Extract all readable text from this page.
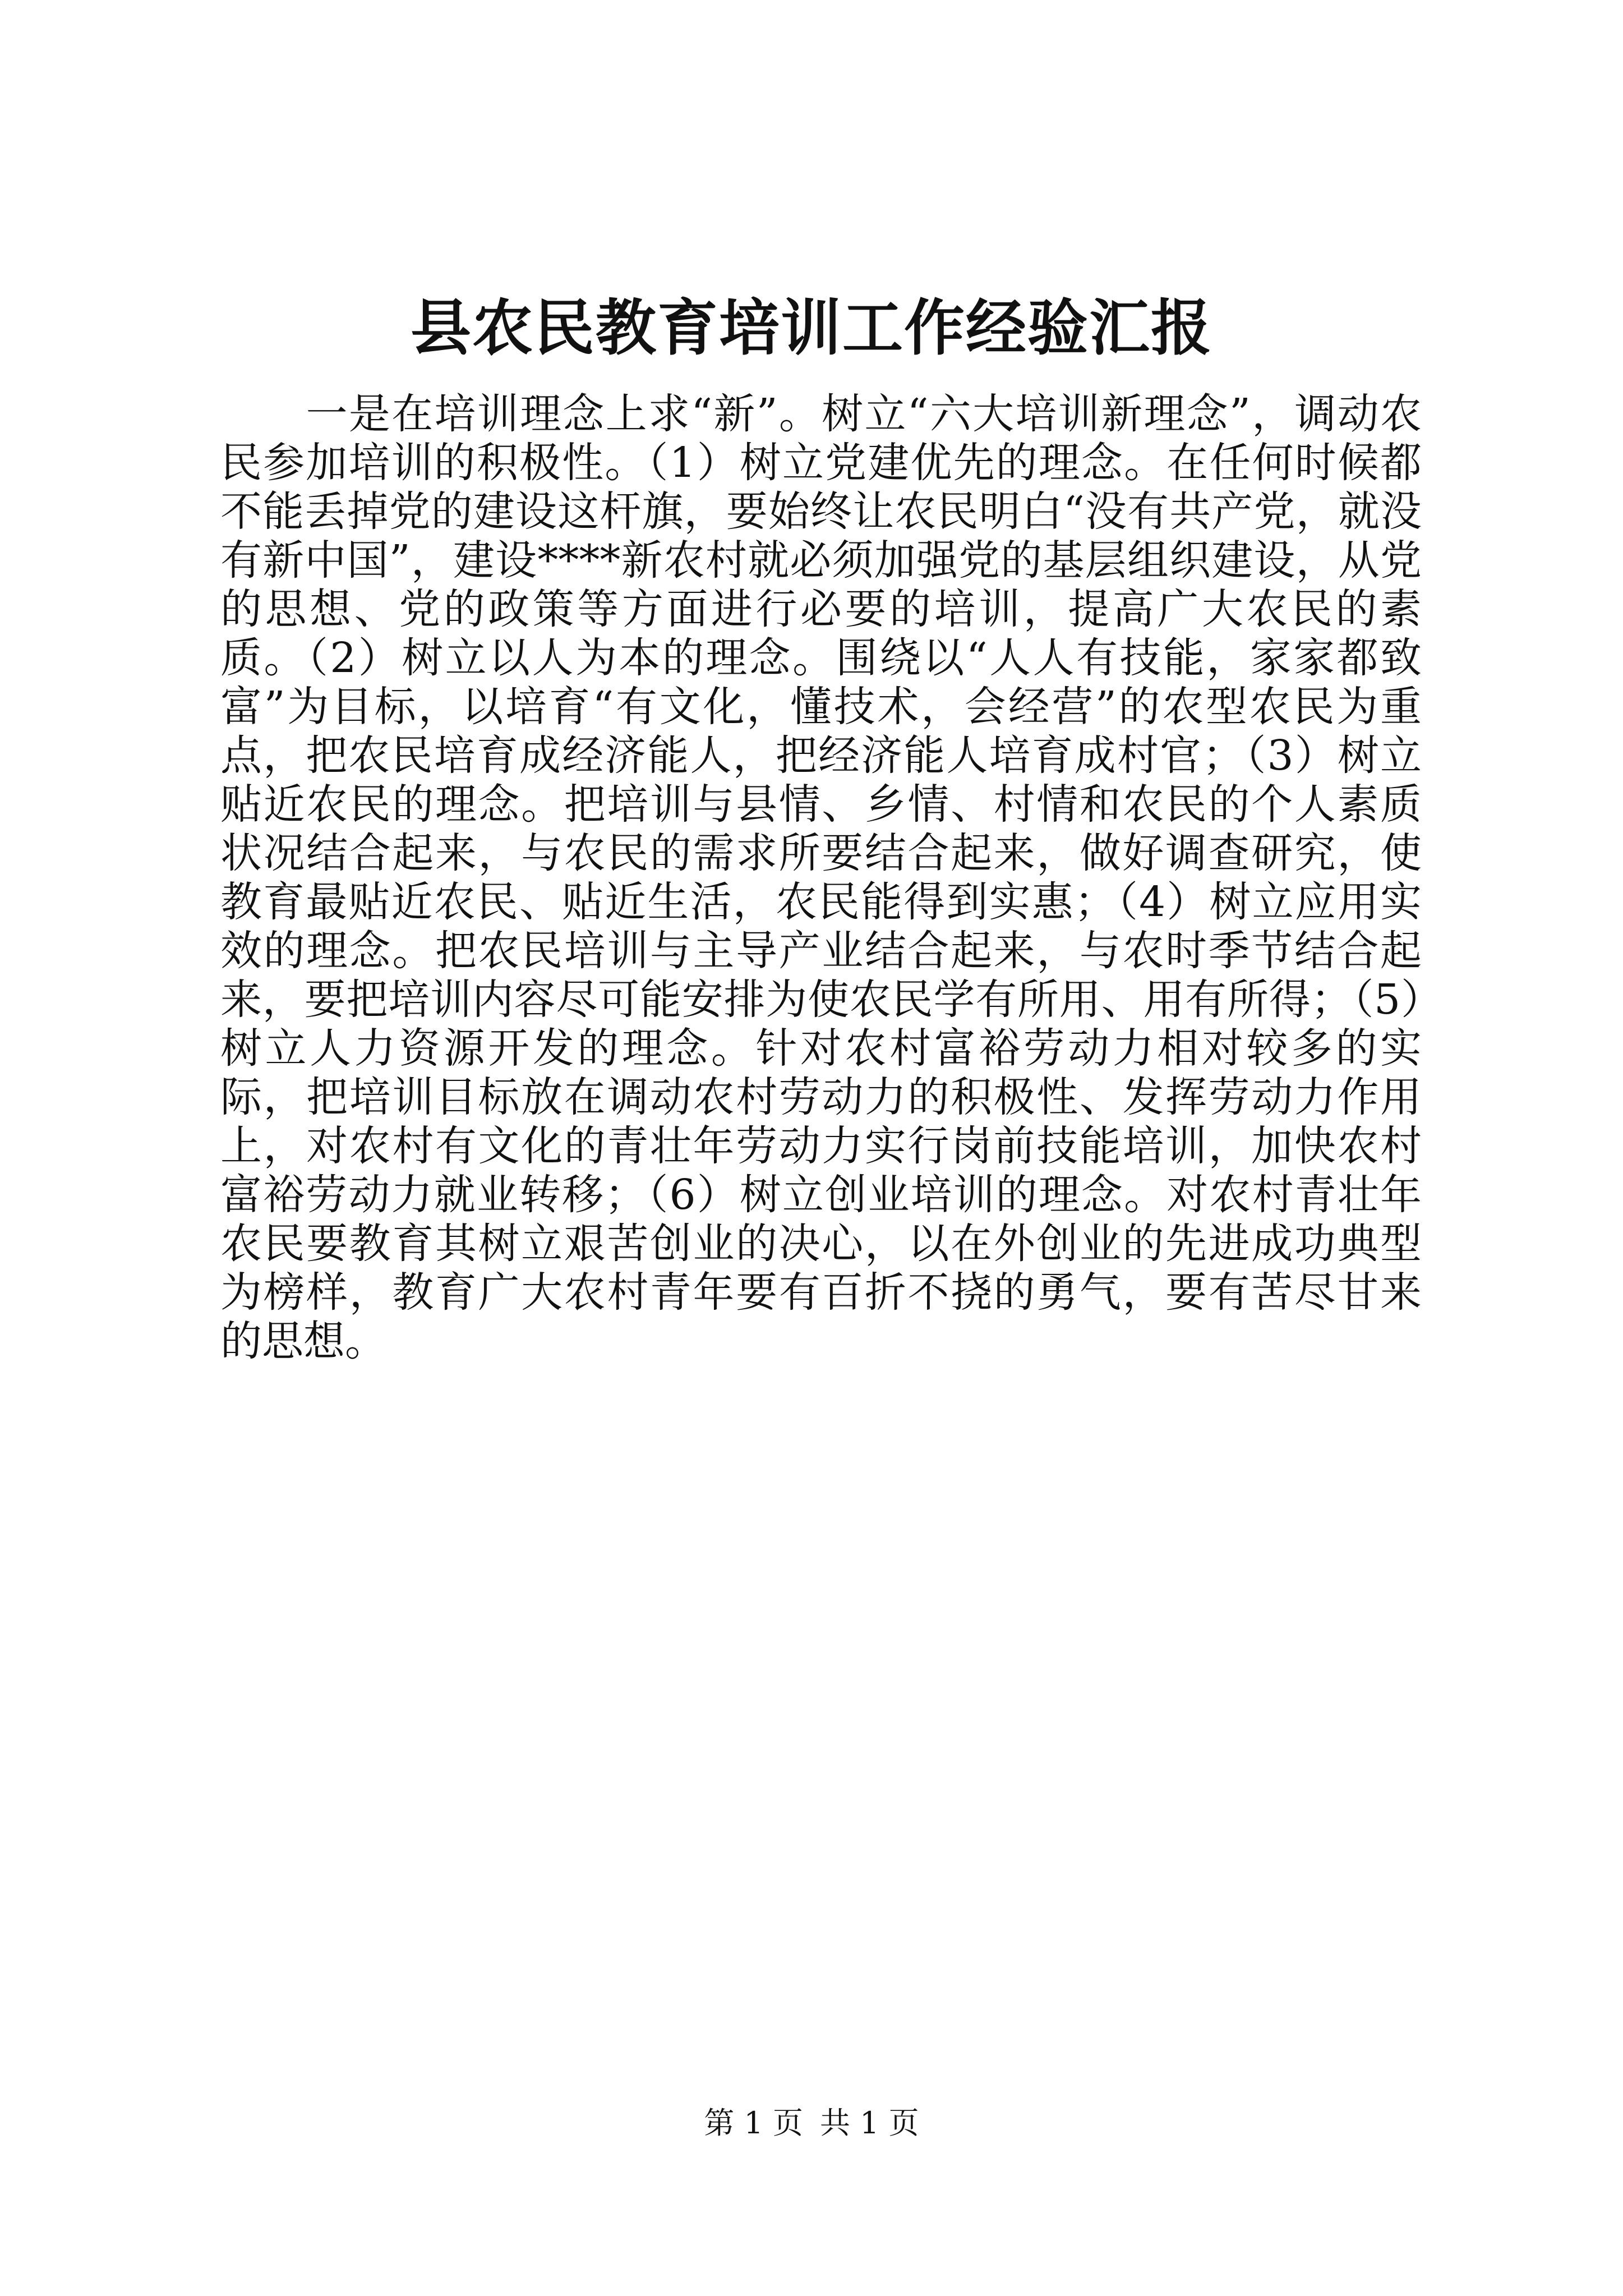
县农民教育培训工作经验汇报

　　一是在培训理念上求“新”。树立“六大培训新理念”，调动农民参加培训的积极性。（1）树立党建优先的理念。在任何时候都不能丢掉党的建设这杆旗，要始终让农民明白“没有共产党，就没有新中国”，建设****新农村就必须加强党的基层组织建设，从党的思想、党的政策等方面进行必要的培训，提高广大农民的素质。（2）树立以人为本的理念。围绕以“人人有技能，家家都致富”为目标，以培育“有文化，懂技术，会经营”的农型农民为重点，把农民培育成经济能人，把经济能人培育成村官；（3）树立贴近农民的理念。把培训与县情、乡情、村情和农民的个人素质状况结合起来，与农民的需求所要结合起来，做好调查研究，使教育最贴近农民、贴近生活，农民能得到实惠；（4）树立应用实效的理念。把农民培训与主导产业结合起来，与农时季节结合起来，要把培训内容尽可能安排为使农民学有所用、用有所得；（5）树立人力资源开发的理念。针对农村富裕劳动力相对较多的实际，把培训目标放在调动农村劳动力的积极性、发挥劳动力作用上，对农村有文化的青壮年劳动力实行岗前技能培训，加快农村富裕劳动力就业转移；（6）树立创业培训的理念。对农村青壮年农民要教育其树立艰苦创业的决心，以在外创业的先进成功典型为榜样，教育广大农村青年要有百折不挠的勇气，要有苦尽甘来的思想。

第 1 页 共 1 页
